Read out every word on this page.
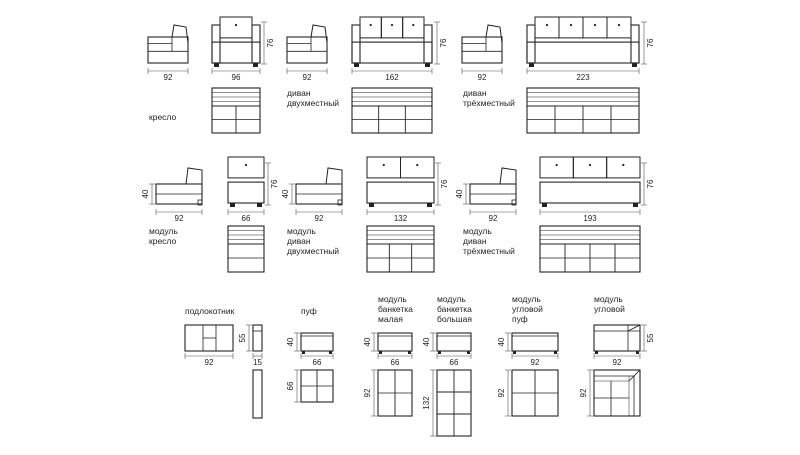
92	96
76
92	162
76
92	223
76
92
40
66
76
92
40
132
76
92
40
193
76
92
55
15
40
66
66
40
66
92
40
66
132
40
92
92
55
92
92
кресло
диван
двухместный
диван
трёхместный
модуль
кресло
модуль
диван
двухместный
модуль
диван
трёхместный
подлокотник	пуф
модуль
банкетка
малая
модуль
банкетка
большая
модуль
угловой
пуф
модуль
угловой
